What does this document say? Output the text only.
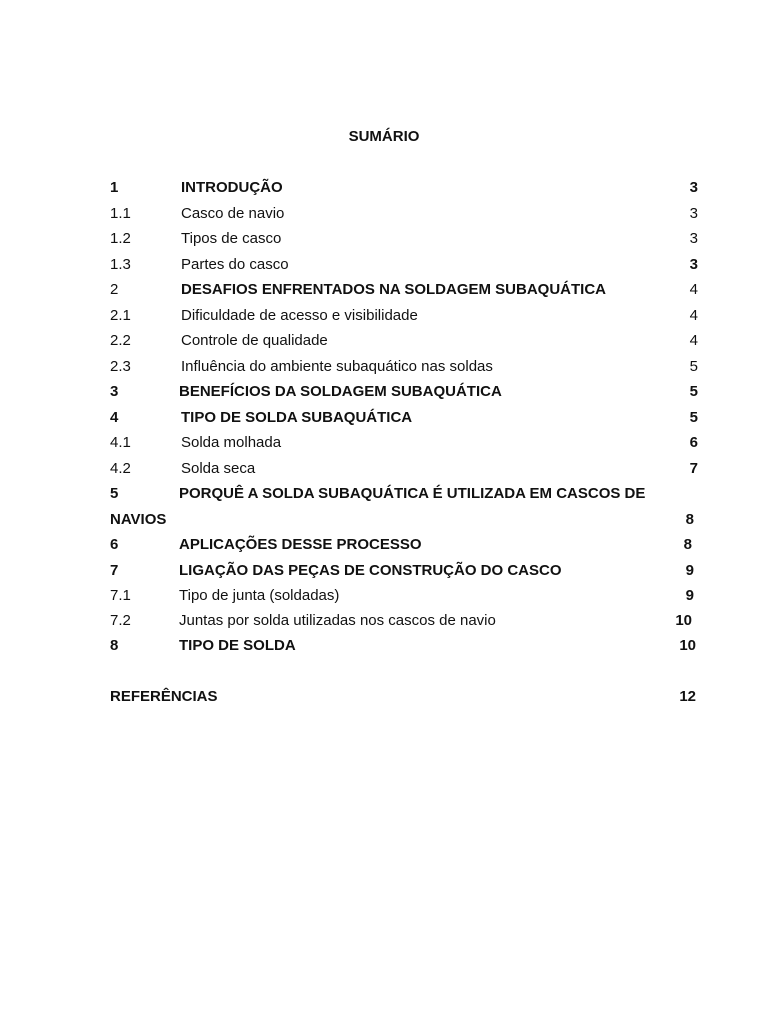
SUMÁRIO
1	INTRODUÇÃO	3
1.1	Casco de navio	3
1.2	Tipos de casco	3
1.3	Partes do casco	3
2	DESAFIOS ENFRENTADOS NA SOLDAGEM SUBAQUÁTICA	4
2.1	Dificuldade de acesso e visibilidade	4
2.2	Controle de qualidade	4
2.3	Influência do ambiente subaquático nas soldas	5
3	BENEFÍCIOS DA SOLDAGEM SUBAQUÁTICA	5
4	TIPO DE SOLDA SUBAQUÁTICA	5
4.1	Solda molhada	6
4.2	Solda seca	7
5	PORQUÊ A SOLDA SUBAQUÁTICA É UTILIZADA EM CASCOS DE
NAVIOS	8
6	APLICAÇÕES DESSE PROCESSO	8
7	LIGAÇÃO DAS PEÇAS DE CONSTRUÇÃO DO CASCO	9
7.1	Tipo de junta (soldadas)	9
7.2	Juntas por solda utilizadas nos cascos de navio	10
8	TIPO DE SOLDA	10
REFERÊNCIAS	12
